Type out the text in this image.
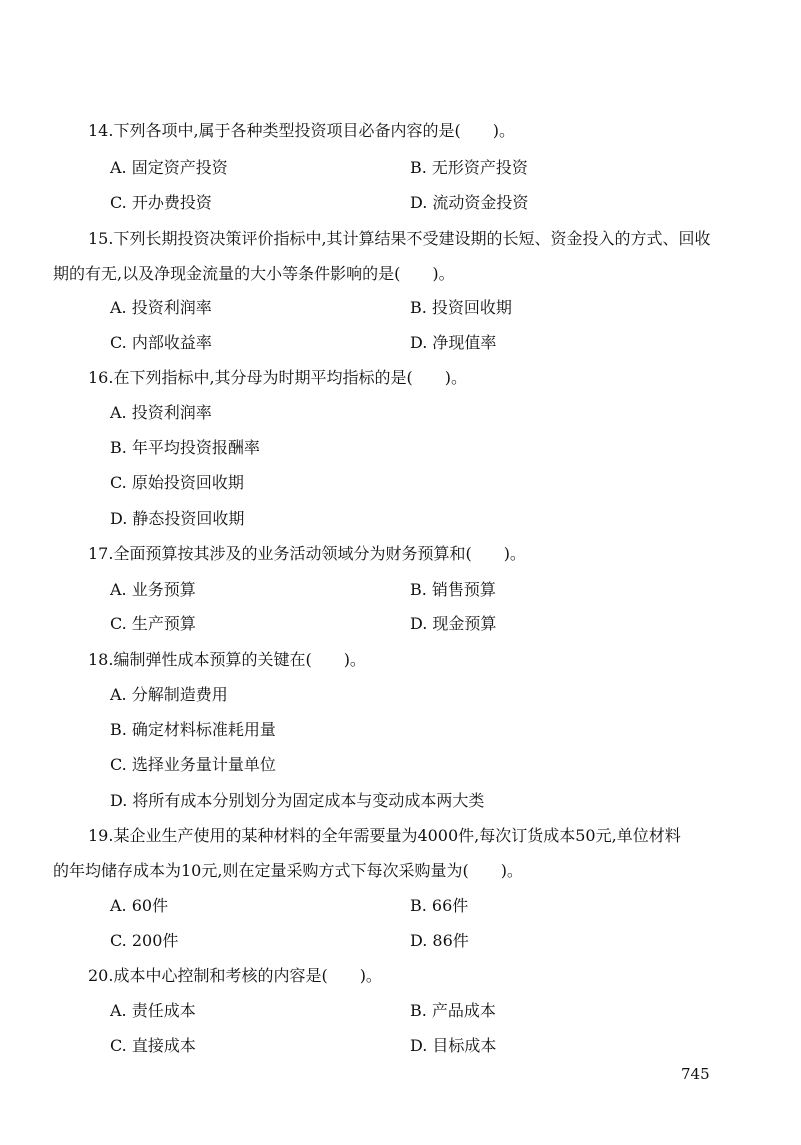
14.下列各项中,属于各种类型投资项目必备内容的是(　　)。
A. 固定资产投资	B. 无形资产投资
C. 开办费投资	D. 流动资金投资
15.下列长期投资决策评价指标中,其计算结果不受建设期的长短、资金投入的方式、回收
期的有无,以及净现金流量的大小等条件影响的是(　　)。
A. 投资利润率	B. 投资回收期
C. 内部收益率	D. 净现值率
16.在下列指标中,其分母为时期平均指标的是(　　)。
A. 投资利润率
B. 年平均投资报酬率
C. 原始投资回收期
D. 静态投资回收期
17.全面预算按其涉及的业务活动领域分为财务预算和(　　)。
A. 业务预算	B. 销售预算
C. 生产预算	D. 现金预算
18.编制弹性成本预算的关键在(　　)。
A. 分解制造费用
B. 确定材料标准耗用量
C. 选择业务量计量单位
D. 将所有成本分别划分为固定成本与变动成本两大类
19.某企业生产使用的某种材料的全年需要量为4000件,每次订货成本50元,单位材料
的年均储存成本为10元,则在定量采购方式下每次采购量为(　　)。
A. 60件	B. 66件
C. 200件	D. 86件
20.成本中心控制和考核的内容是(　　)。
A. 责任成本	B. 产品成本
C. 直接成本	D. 目标成本
745
